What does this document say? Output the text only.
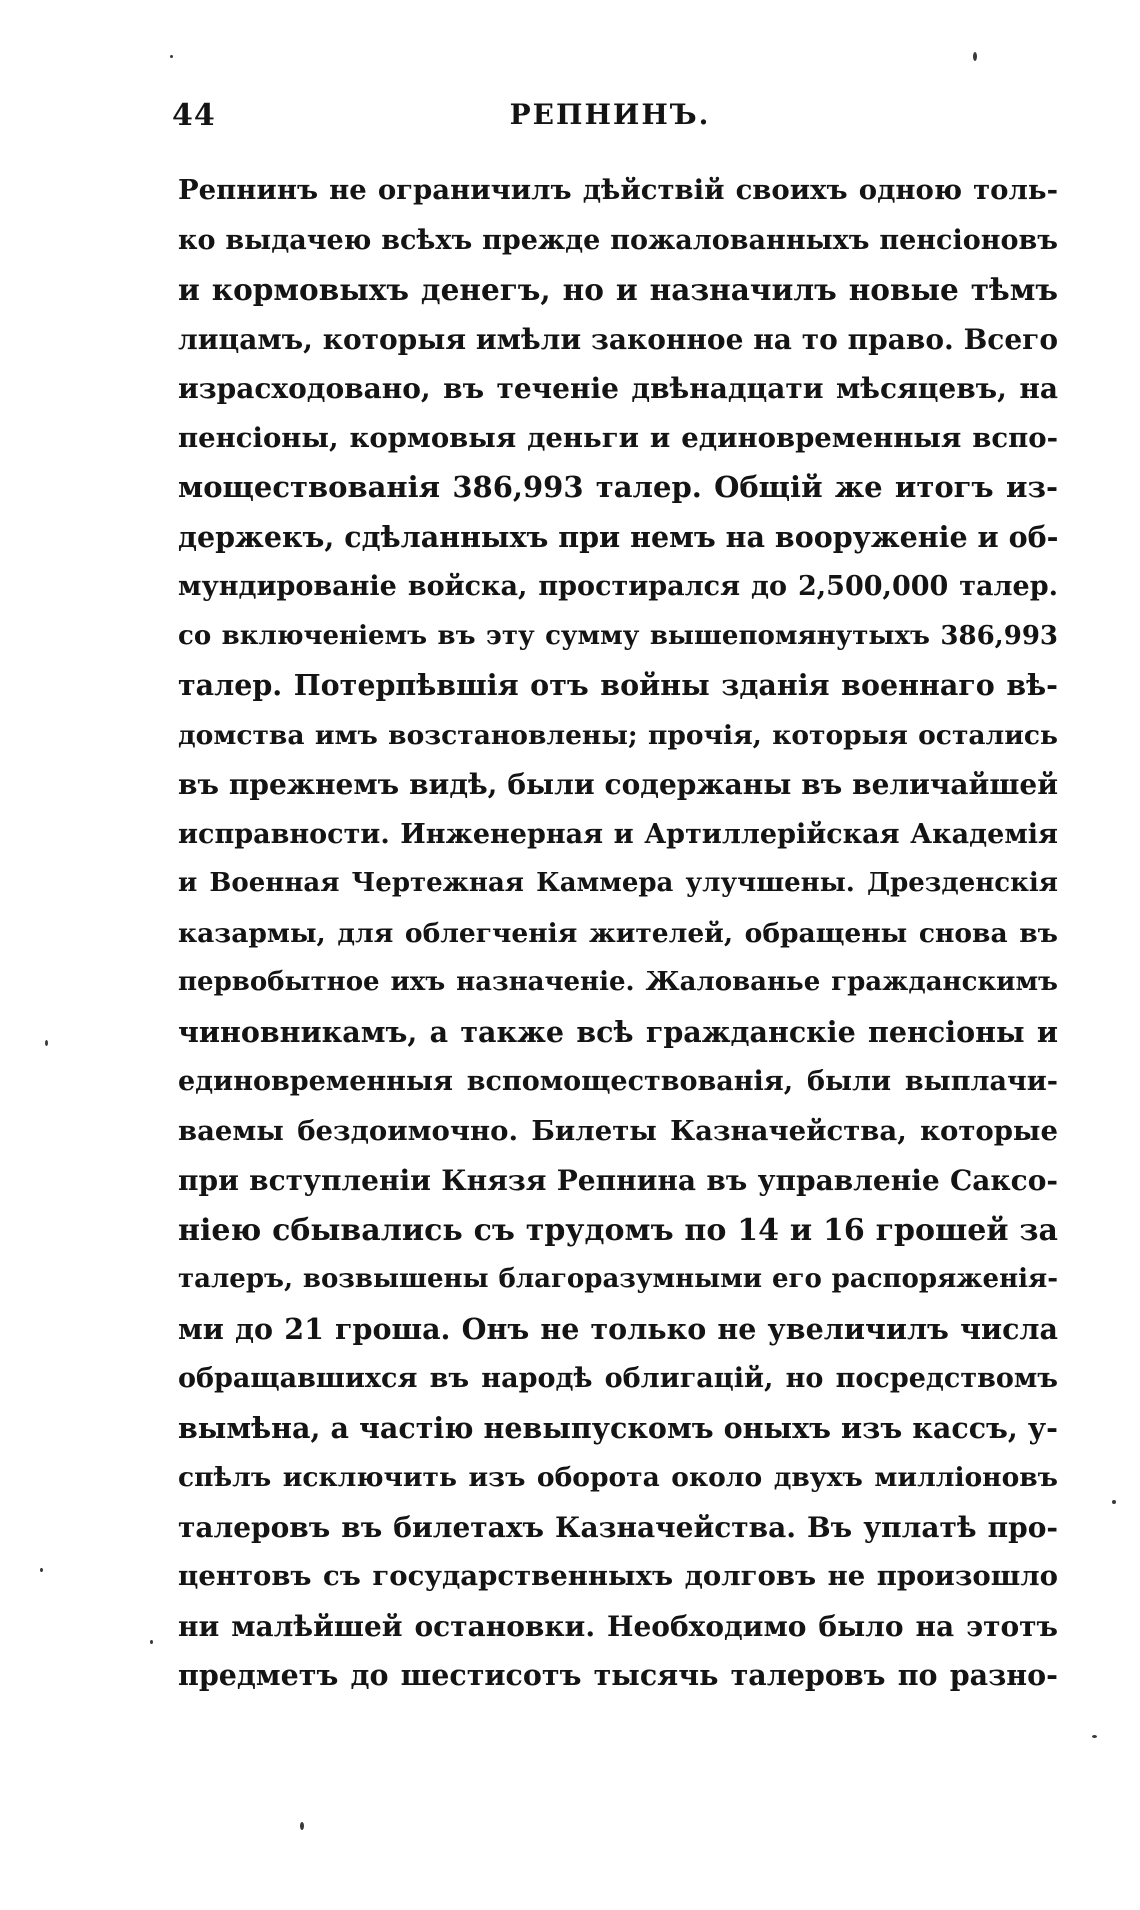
44	РЕПНИНЪ.
Репнинъ не ограничилъ дѣйствій своихъ одною толь-
ко выдачею всѣхъ прежде пожалованныхъ пенсіоновъ
и кормовыхъ денегъ, но и назначилъ новые тѣмъ
лицамъ, которыя имѣли законное на то право. Всего
израсходовано, въ теченіе двѣнадцати мѣсяцевъ, на
пенсіоны, кормовыя деньги и единовременныя вспо-
моществованія 386,993 талер. Общій же итогъ из-
держекъ, сдѣланныхъ при немъ на вооруженіе и об-
мундированіе войска, простирался до 2,500,000 талер.
со включеніемъ въ эту сумму вышепомянутыхъ 386,993
талер. Потерпѣвшія отъ войны зданія военнаго вѣ-
домства имъ возстановлены; прочія, которыя остались
въ прежнемъ видѣ, были содержаны въ величайшей
исправности. Инженерная и Артиллерійская Академія
и Военная Чертежная Каммера улучшены. Дрезденскія
казармы, для облегченія жителей, обращены снова въ
первобытное ихъ назначеніе. Жалованье гражданскимъ
чиновникамъ, а также всѣ гражданскіе пенсіоны и
единовременныя вспомоществованія, были выплачи-
ваемы бездоимочно. Билеты Казначейства, которые
при вступленіи Князя Репнина въ управленіе Саксо-
ніею сбывались съ трудомъ по 14 и 16 грошей за
талеръ, возвышены благоразумными его распоряженія-
ми до 21 гроша. Онъ не только не увеличилъ числа
обращавшихся въ народѣ облигацій, но посредствомъ
вымѣна, а частію невыпускомъ оныхъ изъ кассъ, у-
спѣлъ исключить изъ оборота около двухъ милліоновъ
талеровъ въ билетахъ Казначейства. Въ уплатѣ про-
центовъ съ государственныхъ долговъ не произошло
ни малѣйшей остановки. Необходимо было на этотъ
предметъ до шестисотъ тысячь талеровъ по разно-
